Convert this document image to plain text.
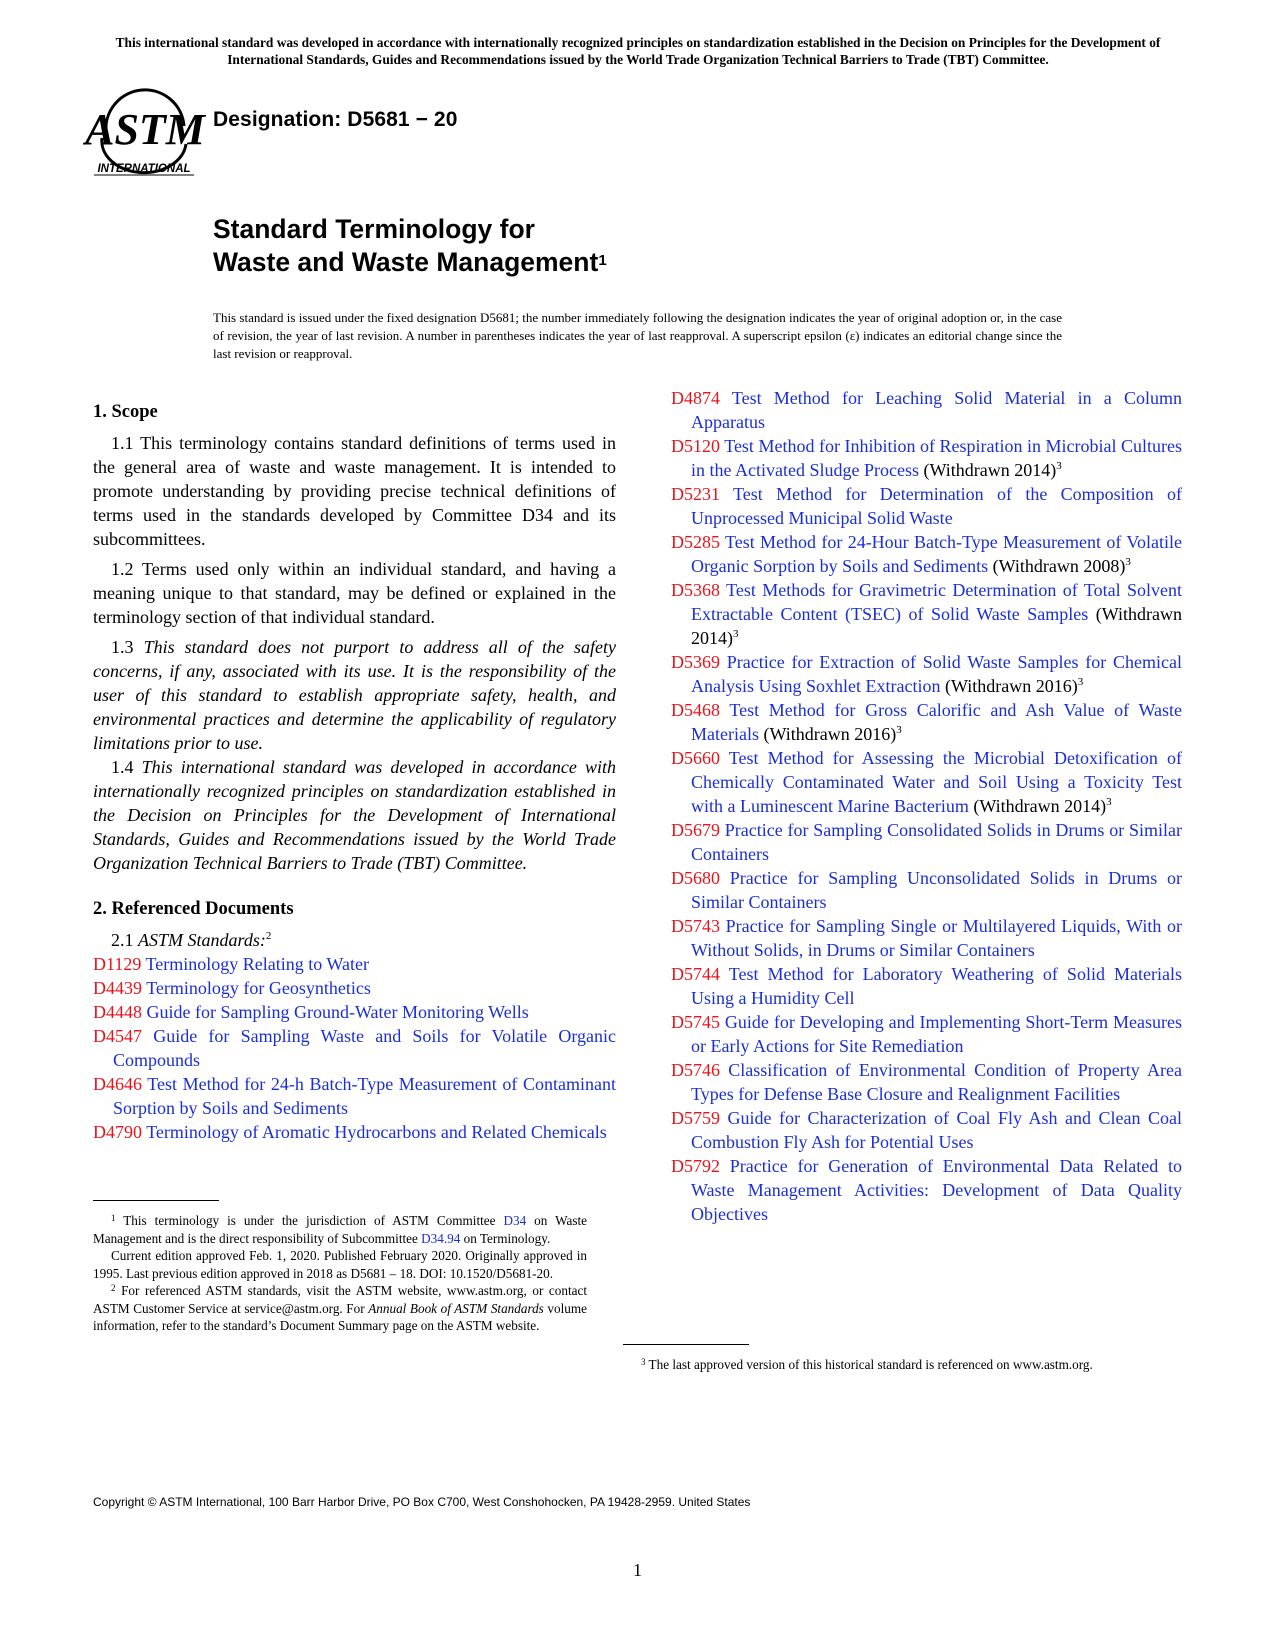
This international standard was developed in accordance with internationally recognized principles on standardization established in the Decision on Principles for the Development of International Standards, Guides and Recommendations issued by the World Trade Organization Technical Barriers to Trade (TBT) Committee.
ASTM
INTERNATIONAL
Designation: D5681 − 20
Standard Terminology for
Waste and Waste Management$^1$
This standard is issued under the fixed designation D5681; the number immediately following the designation indicates the year of original adoption or, in the case of revision, the year of last revision. A number in parentheses indicates the year of last reapproval. A superscript epsilon (ε) indicates an editorial change since the last revision or reapproval.
1. Scope

1.1 This terminology contains standard definitions of terms used in the general area of waste and waste management. It is intended to promote understanding by providing precise technical definitions of terms used in the standards developed by Committee D34 and its subcommittees.

1.2 Terms used only within an individual standard, and having a meaning unique to that standard, may be defined or explained in the terminology section of that individual standard.

1.3 This standard does not purport to address all of the safety concerns, if any, associated with its use. It is the responsibility of the user of this standard to establish appropriate safety, health, and environmental practices and determine the applicability of regulatory limitations prior to use.

1.4 This international standard was developed in accordance with internationally recognized principles on standardization established in the Decision on Principles for the Development of International Standards, Guides and Recommendations issued by the World Trade Organization Technical Barriers to Trade (TBT) Committee.

2. Referenced Documents
2.1 ASTM Standards:$^2$
D1129 Terminology Relating to Water
D4439 Terminology for Geosynthetics
D4448 Guide for Sampling Ground-Water Monitoring Wells
D4547 Guide for Sampling Waste and Soils for Volatile Organic Compounds
D4646 Test Method for 24-h Batch-Type Measurement of Contaminant Sorption by Soils and Sediments
D4790 Terminology of Aromatic Hydrocarbons and Related Chemicals
D4874 Test Method for Leaching Solid Material in a Column Apparatus
D5120 Test Method for Inhibition of Respiration in Microbial Cultures in the Activated Sludge Process (Withdrawn 2014)$^3$
D5231 Test Method for Determination of the Composition of Unprocessed Municipal Solid Waste
D5285 Test Method for 24-Hour Batch-Type Measurement of Volatile Organic Sorption by Soils and Sediments (Withdrawn 2008)$^3$
D5368 Test Methods for Gravimetric Determination of Total Solvent Extractable Content (TSEC) of Solid Waste Samples (Withdrawn 2014)$^3$
D5369 Practice for Extraction of Solid Waste Samples for Chemical Analysis Using Soxhlet Extraction (Withdrawn 2016)$^3$
D5468 Test Method for Gross Calorific and Ash Value of Waste Materials (Withdrawn 2016)$^3$
D5660 Test Method for Assessing the Microbial Detoxification of Chemically Contaminated Water and Soil Using a Toxicity Test with a Luminescent Marine Bacterium (Withdrawn 2014)$^3$
D5679 Practice for Sampling Consolidated Solids in Drums or Similar Containers
D5680 Practice for Sampling Unconsolidated Solids in Drums or Similar Containers
D5743 Practice for Sampling Single or Multilayered Liquids, With or Without Solids, in Drums or Similar Containers
D5744 Test Method for Laboratory Weathering of Solid Materials Using a Humidity Cell
D5745 Guide for Developing and Implementing Short-Term Measures or Early Actions for Site Remediation
D5746 Classification of Environmental Condition of Property Area Types for Defense Base Closure and Realignment Facilities
D5759 Guide for Characterization of Coal Fly Ash and Clean Coal Combustion Fly Ash for Potential Uses
D5792 Practice for Generation of Environmental Data Related to Waste Management Activities: Development of Data Quality Objectives

$^1$ This terminology is under the jurisdiction of ASTM Committee D34 on Waste Management and is the direct responsibility of Subcommittee D34.94 on Terminology.

Current edition approved Feb. 1, 2020. Published February 2020. Originally approved in 1995. Last previous edition approved in 2018 as D5681 – 18. DOI: 10.1520/D5681-20.

$^2$ For referenced ASTM standards, visit the ASTM website, www.astm.org, or contact ASTM Customer Service at service@astm.org. For Annual Book of ASTM Standards volume information, refer to the standard’s Document Summary page on the ASTM website.

$^3$ The last approved version of this historical standard is referenced on www.astm.org.

Copyright © ASTM International, 100 Barr Harbor Drive, PO Box C700, West Conshohocken, PA 19428-2959. United States
1
